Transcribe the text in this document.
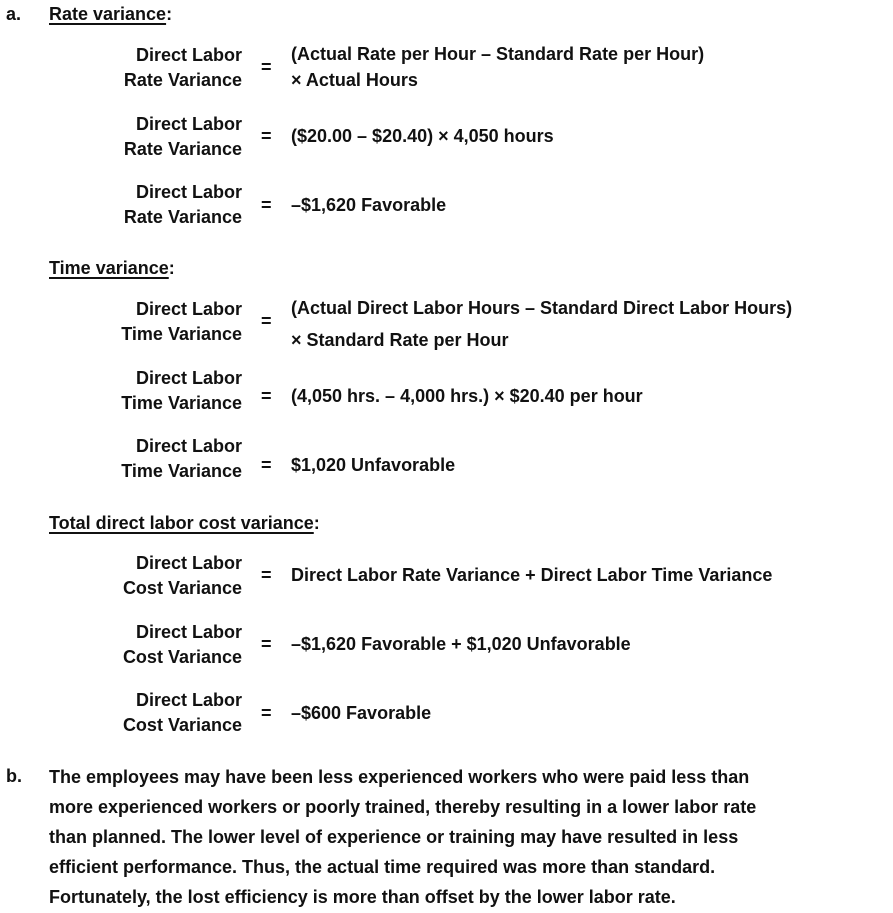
a. Rate variance:
Direct Labor
Rate Variance
=
(Actual Rate per Hour – Standard Rate per Hour)
× Actual Hours
Direct Labor
Rate Variance
= ($20.00 – $20.40) × 4,050 hours
Direct Labor
Rate Variance
= –$1,620 Favorable
Time variance:
Direct Labor
Time Variance
=
(Actual Direct Labor Hours – Standard Direct Labor Hours)
× Standard Rate per Hour
Direct Labor
Time Variance = (4,050 hrs. – 4,000 hrs.) × $20.40 per hour
Direct Labor
Time Variance = $1,020 Unfavorable
Total direct labor cost variance:
Direct Labor
Cost Variance
= Direct Labor Rate Variance + Direct Labor Time Variance
Direct Labor
Cost Variance
= –$1,620 Favorable + $1,020 Unfavorable
Direct Labor
Cost Variance
= –$600 Favorable
b. The employees may have been less experienced workers who were paid less than
more experienced workers or poorly trained, thereby resulting in a lower labor rate
than planned. The lower level of experience or training may have resulted in less
efficient performance. Thus, the actual time required was more than standard.
Fortunately, the lost efficiency is more than offset by the lower labor rate.
